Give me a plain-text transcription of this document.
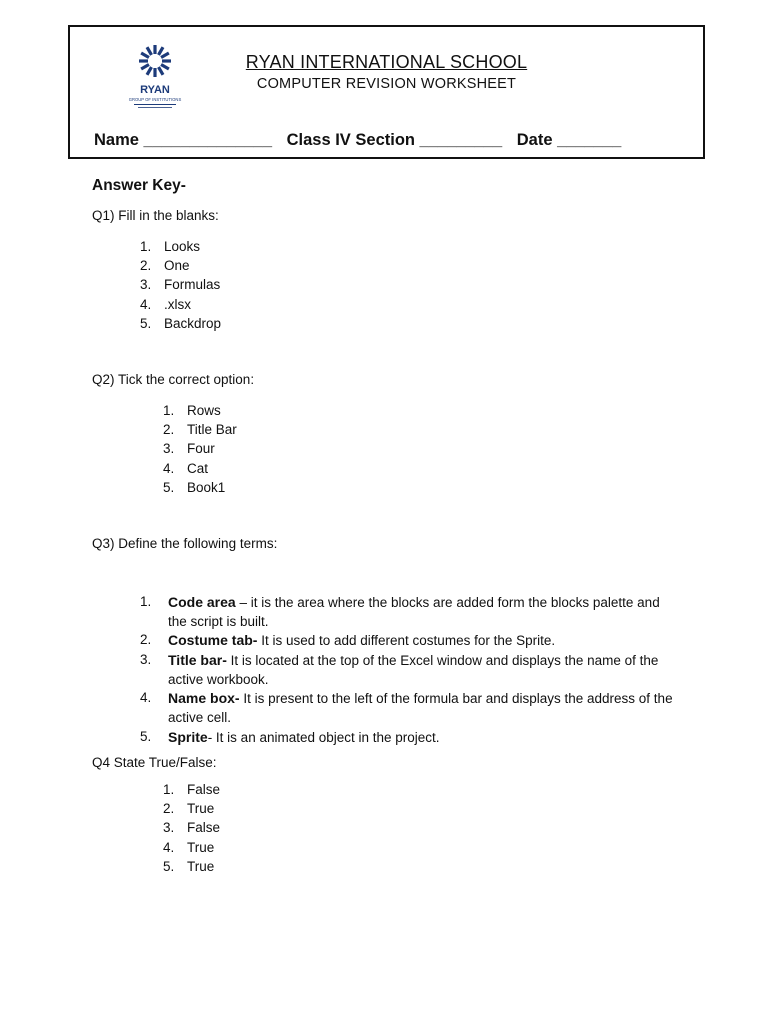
RYAN
GROUP OF INSTITUTIONS
RYAN INTERNATIONAL SCHOOL
COMPUTER REVISION WORKSHEET
Name ______________ Class IV Section _________ Date _______
Answer Key-
Q1) Fill in the blanks:
1. Looks
2. One
3. Formulas
4. .xlsx
5. Backdrop
Q2) Tick the correct option:
1. Rows
2. Title Bar
3. Four
4. Cat
5. Book1
Q3) Define the following terms:
1.	Code area – it is the area where the blocks are added form the blocks palette and the script is built.
2.	Costume tab- It is used to add different costumes for the Sprite.
3.	Title bar- It is located at the top of the Excel window and displays the name of the active workbook.
4.	Name box- It is present to the left of the formula bar and displays the address of the active cell.
5.	Sprite- It is an animated object in the project.
Q4 State True/False:
1. False
2. True
3. False
4. True
5. True
